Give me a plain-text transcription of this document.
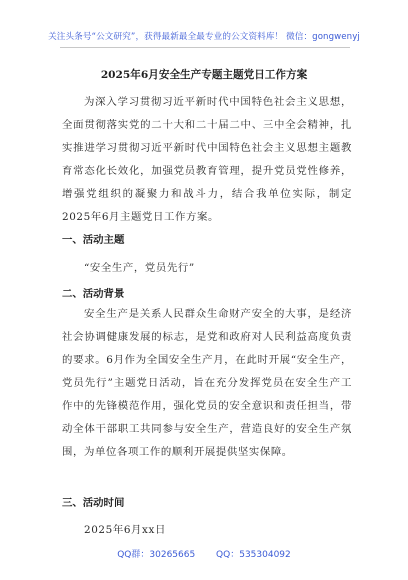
关注头条号“公文研究”，获得最新最全最专业的公文资料库！ 微信：gongwenyj
2025年6月安全生产专题主题党日工作方案
为深入学习贯彻习近平新时代中国特色社会主义思想，全面贯彻落实党的二十大和二十届二中、三中全会精神，扎实推进学习贯彻习近平新时代中国特色社会主义思想主题教育常态化长效化，加强党员教育管理，提升党员党性修养，增强党组织的凝聚力和战斗力，结合我单位实际，制定2025年6月主题党日工作方案。
一、活动主题
“安全生产，党员先行”
二、活动背景
安全生产是关系人民群众生命财产安全的大事，是经济社会协调健康发展的标志，是党和政府对人民利益高度负责的要求。6月作为全国安全生产月，在此时开展“安全生产，党员先行”主题党日活动，旨在充分发挥党员在安全生产工作中的先锋模范作用，强化党员的安全意识和责任担当，带动全体干部职工共同参与安全生产，营造良好的安全生产氛围，为单位各项工作的顺利开展提供坚实保障。
三、活动时间
2025年6月xx日
QQ群：30265665 QQ：535304092
